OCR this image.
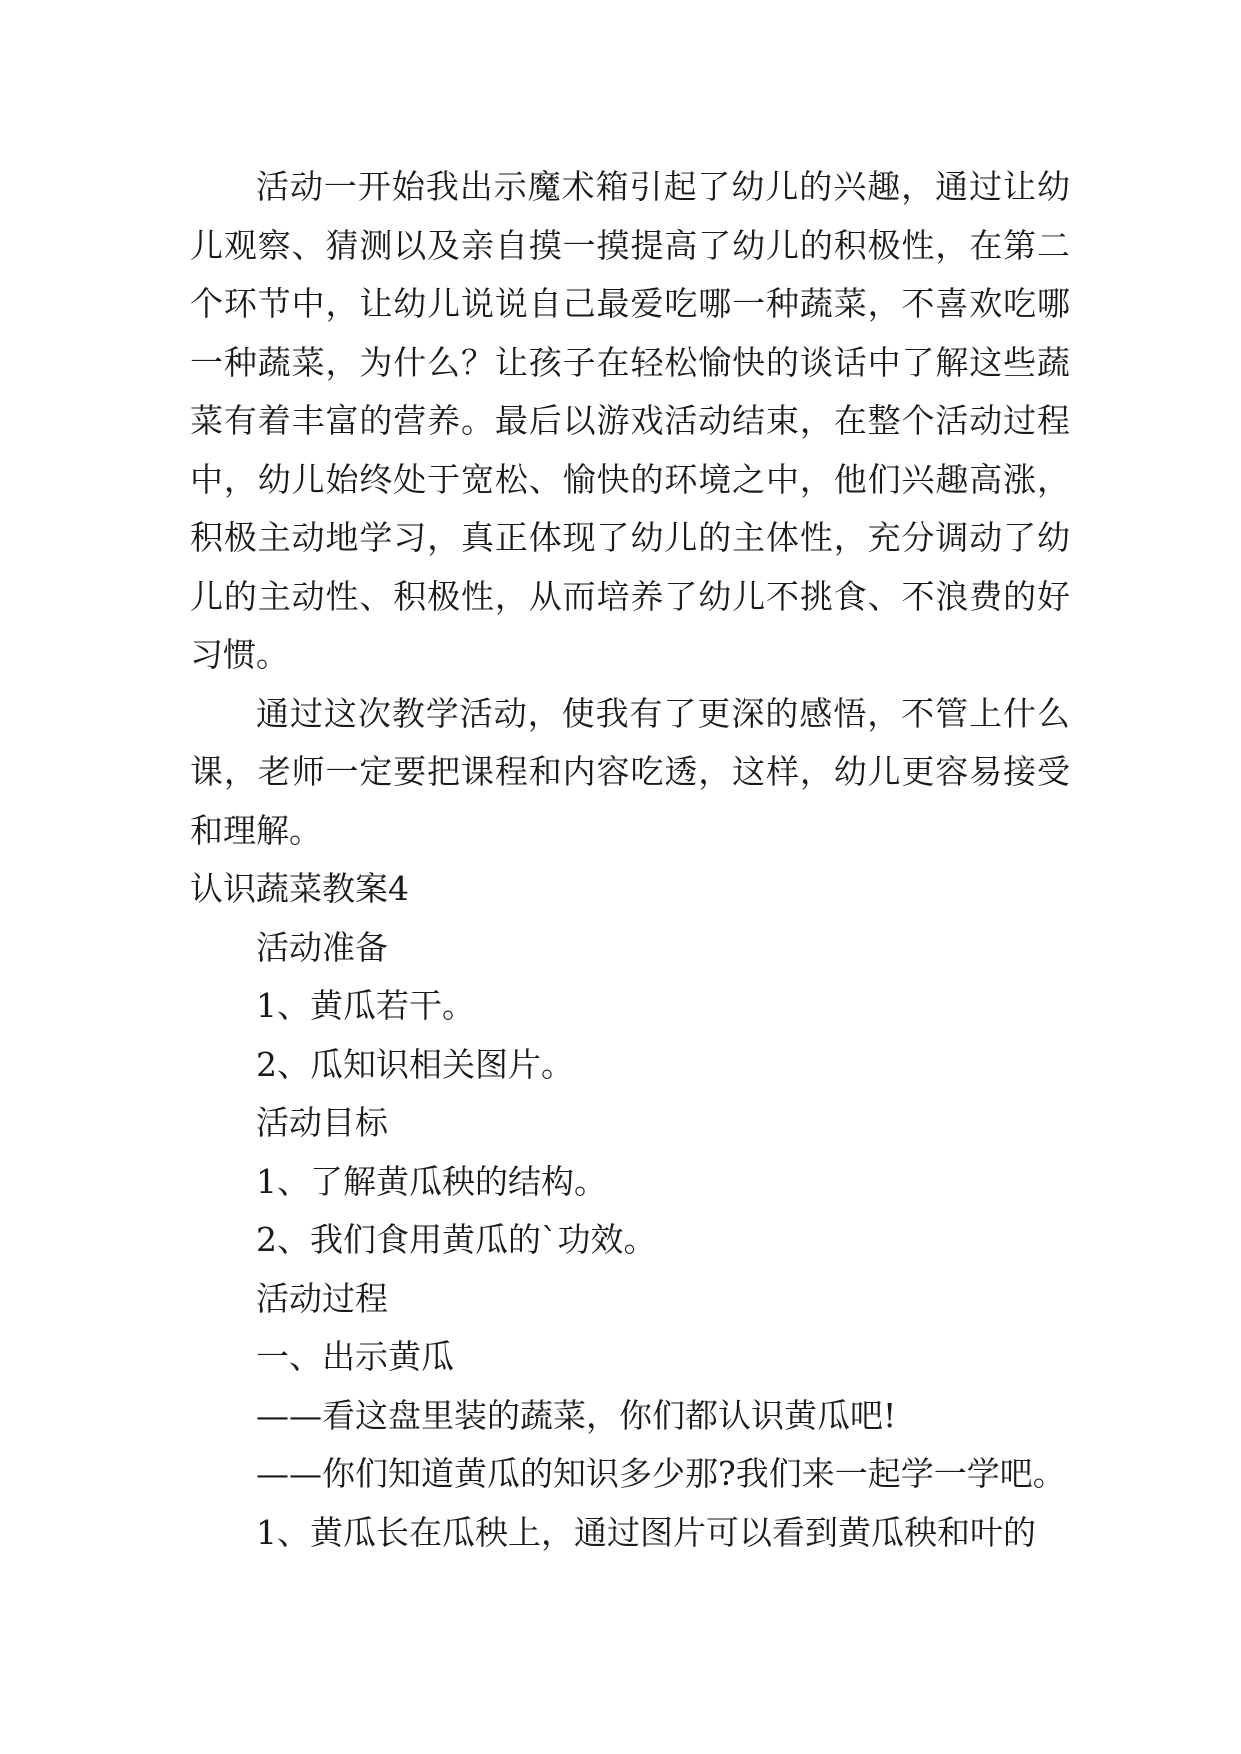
活动一开始我出示魔术箱引起了幼儿的兴趣，通过让幼儿观察、猜测以及亲自摸一摸提高了幼儿的积极性，在第二个环节中，让幼儿说说自己最爱吃哪一种蔬菜，不喜欢吃哪一种蔬菜，为什么？让孩子在轻松愉快的谈话中了解这些蔬菜有着丰富的营养。最后以游戏活动结束，在整个活动过程中，幼儿始终处于宽松、愉快的环境之中，他们兴趣高涨，积极主动地学习，真正体现了幼儿的主体性，充分调动了幼儿的主动性、积极性，从而培养了幼儿不挑食、不浪费的好习惯。

通过这次教学活动，使我有了更深的感悟，不管上什么课，老师一定要把课程和内容吃透，这样，幼儿更容易接受和理解。

认识蔬菜教案4

活动准备

1、黄瓜若干。

2、瓜知识相关图片。

活动目标

1、了解黄瓜秧的结构。

2、我们食用黄瓜的`功效。

活动过程

一、出示黄瓜

——看这盘里装的蔬菜，你们都认识黄瓜吧!

——你们知道黄瓜的知识多少那?我们来一起学一学吧。

1、黄瓜长在瓜秧上，通过图片可以看到黄瓜秧和叶的
